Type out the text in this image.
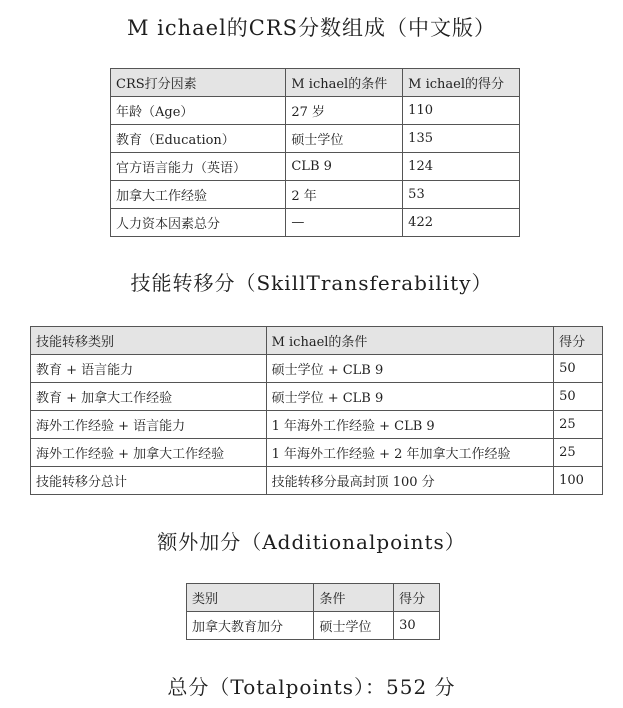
M ichael的CRS分数组成（中文版）
CRS打分因素	M ichael的条件	M ichael的得分
年龄（Age）	27 岁	110
教育（Education）	硕士学位	135
官方语言能力（英语）	CLB 9	124
加拿大工作经验	2 年	53
人力资本因素总分	—	422
技能转移分（SkillTransferability）
技能转移类别	M ichael的条件	得分
教育 + 语言能力	硕士学位 + CLB 9	50
教育 + 加拿大工作经验	硕士学位 + CLB 9	50
海外工作经验 + 语言能力	1 年海外工作经验 + CLB 9	25
海外工作经验 + 加拿大工作经验	1 年海外工作经验 + 2 年加拿大工作经验	25
技能转移分总计	技能转移分最高封顶 100 分	100
额外加分（Additionalpoints）
类别	条件	得分
加拿大教育加分	硕士学位	30
总分（Totalpoints）：552 分
